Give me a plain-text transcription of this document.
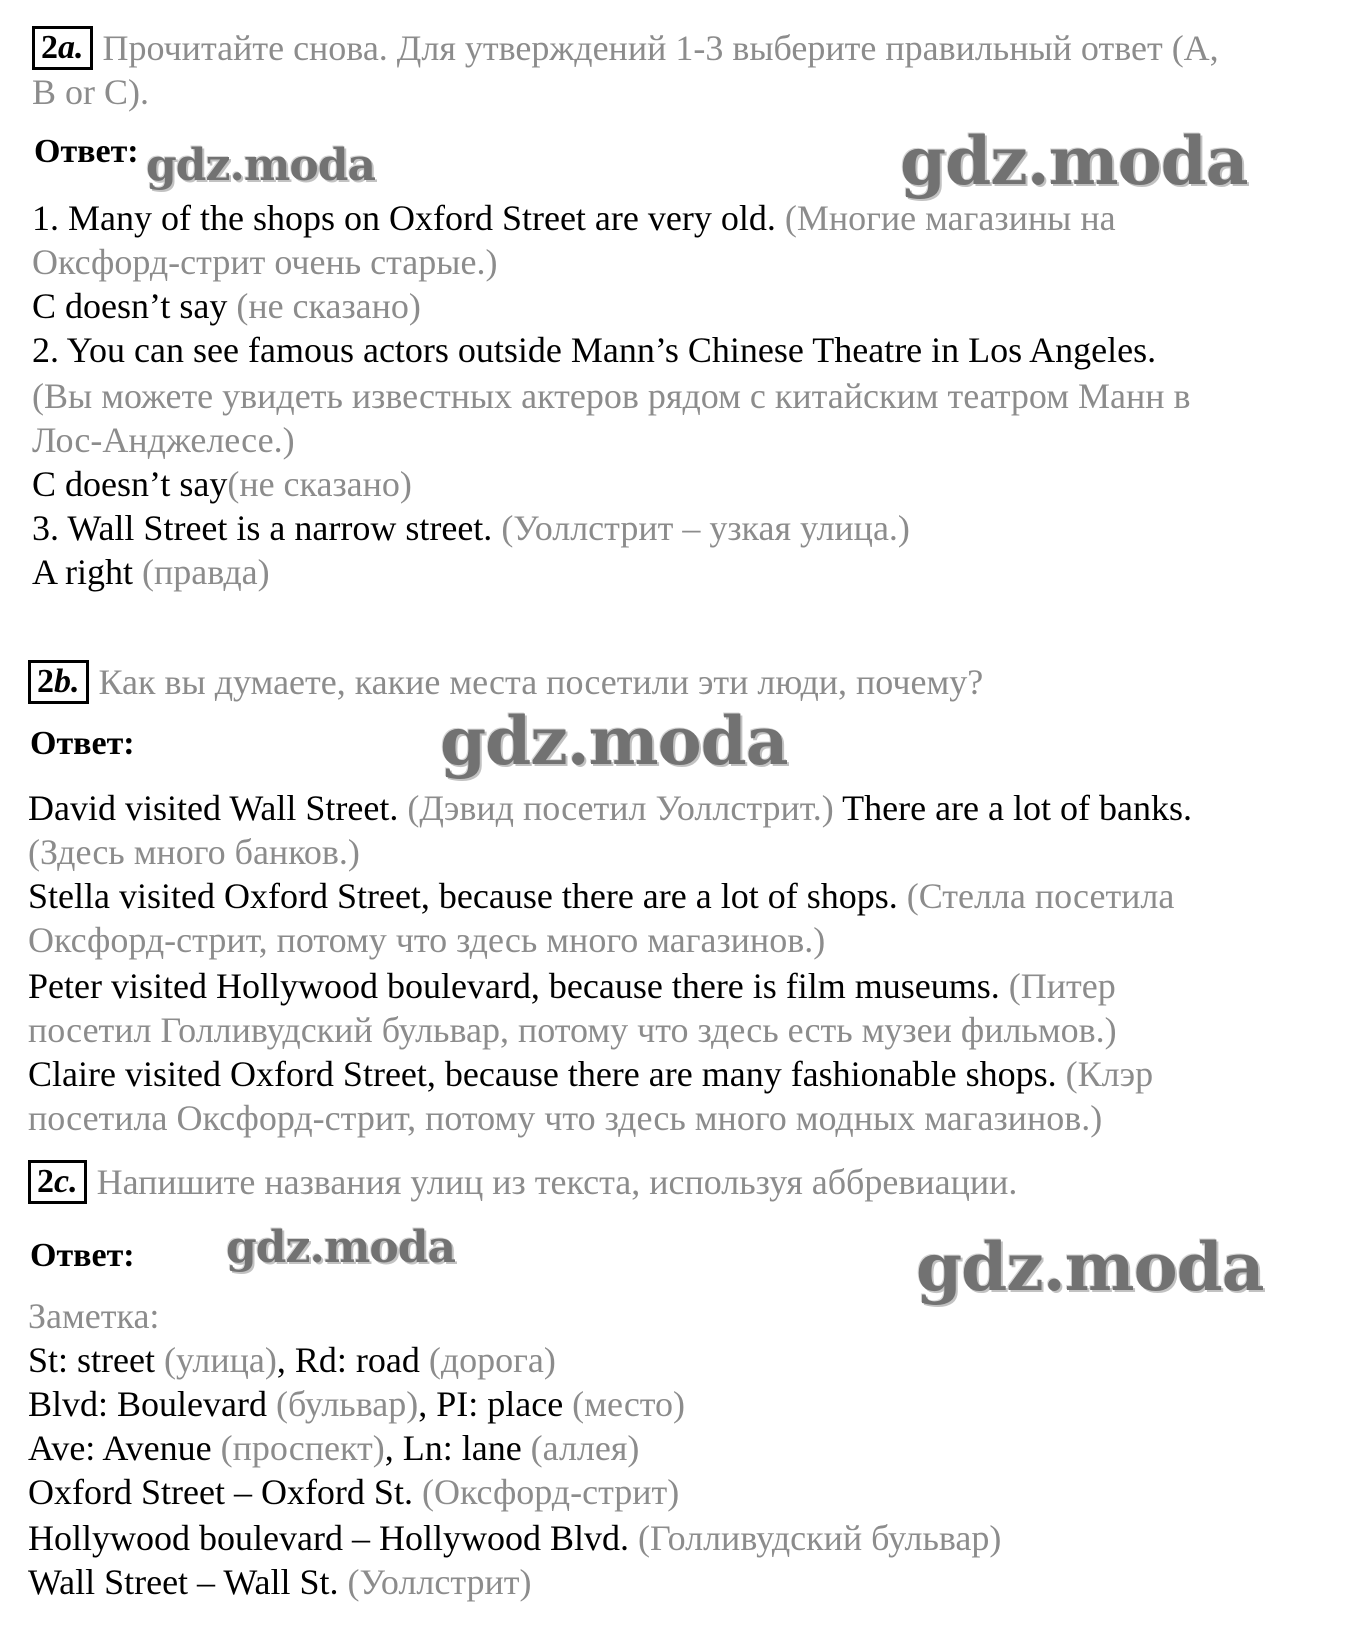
2a. Прочитайте снова. Для утверждений 1-3 выберите правильный ответ (А,
B or C).
Ответ: gdz.moda	gdz.moda
1. Many of the shops on Oxford Street are very old. (Многие магазины на
Оксфорд-стрит очень старые.)
C doesn’t say (не сказано)
2. You can see famous actors outside Mann’s Chinese Theatre in Los Angeles.
(Вы можете увидеть известных актеров рядом с китайским театром Манн в
Лос-Анджелесе.)
C doesn’t say(не сказано)
3. Wall Street is a narrow street. (Уоллстрит – узкая улица.)
A right (правда)
2b. Как вы думаете, какие места посетили эти люди, почему?
Ответ:	gdz.moda
David visited Wall Street. (Дэвид посетил Уоллстрит.) There are a lot of banks.
(Здесь много банков.)
Stella visited Oxford Street, because there are a lot of shops. (Стелла посетила
Оксфорд-стрит, потому что здесь много магазинов.)
Peter visited Hollywood boulevard, because there is film museums. (Питер
посетил Голливудский бульвар, потому что здесь есть музеи фильмов.)
Claire visited Oxford Street, because there are many fashionable shops. (Клэр
посетила Оксфорд-стрит, потому что здесь много модных магазинов.)
2c. Напишите названия улиц из текста, используя аббревиации.
Ответ: gdz.moda	gdz.moda
Заметка:
St: street (улица), Rd: road (дорога)
Blvd: Boulevard (бульвар), PI: place (место)
Ave: Avenue (проспект), Ln: lane (аллея)
Oxford Street – Oxford St. (Оксфорд-стрит)
Hollywood boulevard – Hollywood Blvd. (Голливудский бульвар)
Wall Street – Wall St. (Уоллстрит)
